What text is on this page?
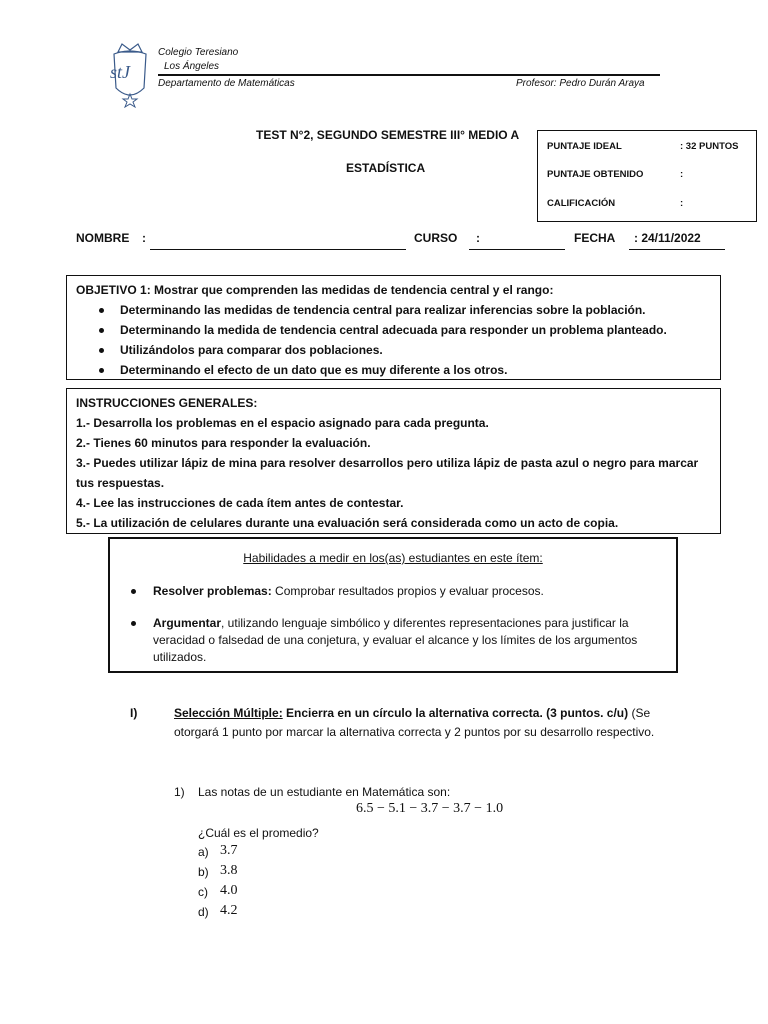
stJ
Colegio Teresiano
Los Ángeles
Departamento de Matemáticas	Profesor: Pedro Durán Araya
TEST N°2, SEGUNDO SEMESTRE III° MEDIO A
ESTADÍSTICA
PUNTAJE IDEAL	: 32 PUNTOS
PUNTAJE OBTENIDO	:
CALIFICACIÓN	:
NOMBRE :	CURSO :	FECHA : 24/11/2022
OBJETIVO 1: Mostrar que comprenden las medidas de tendencia central y el rango:
Determinando las medidas de tendencia central para realizar inferencias sobre la población.
Determinando la medida de tendencia central adecuada para responder un problema planteado.
Utilizándolos para comparar dos poblaciones.
Determinando el efecto de un dato que es muy diferente a los otros.
INSTRUCCIONES GENERALES:
1.- Desarrolla los problemas en el espacio asignado para cada pregunta.
2.- Tienes 60 minutos para responder la evaluación.
3.- Puedes utilizar lápiz de mina para resolver desarrollos pero utiliza lápiz de pasta azul o negro para marcar tus respuestas.
4.- Lee las instrucciones de cada ítem antes de contestar.
5.- La utilización de celulares durante una evaluación será considerada como un acto de copia.
Habilidades a medir en los(as) estudiantes en este ítem:
Resolver problemas: Comprobar resultados propios y evaluar procesos.
Argumentar, utilizando lenguaje simbólico y diferentes representaciones para justificar la veracidad o falsedad de una conjetura, y evaluar el alcance y los límites de los argumentos utilizados.
I)	Selección Múltiple: Encierra en un círculo la alternativa correcta. (3 puntos. c/u) (Se otorgará 1 punto por marcar la alternativa correcta y 2 puntos por su desarrollo respectivo.
1) Las notas de un estudiante en Matemática son:
6.5 − 5.1 − 3.7 − 3.7 − 1.0
¿Cuál es el promedio?
a) 3.7
b) 3.8
c) 4.0
d) 4.2
